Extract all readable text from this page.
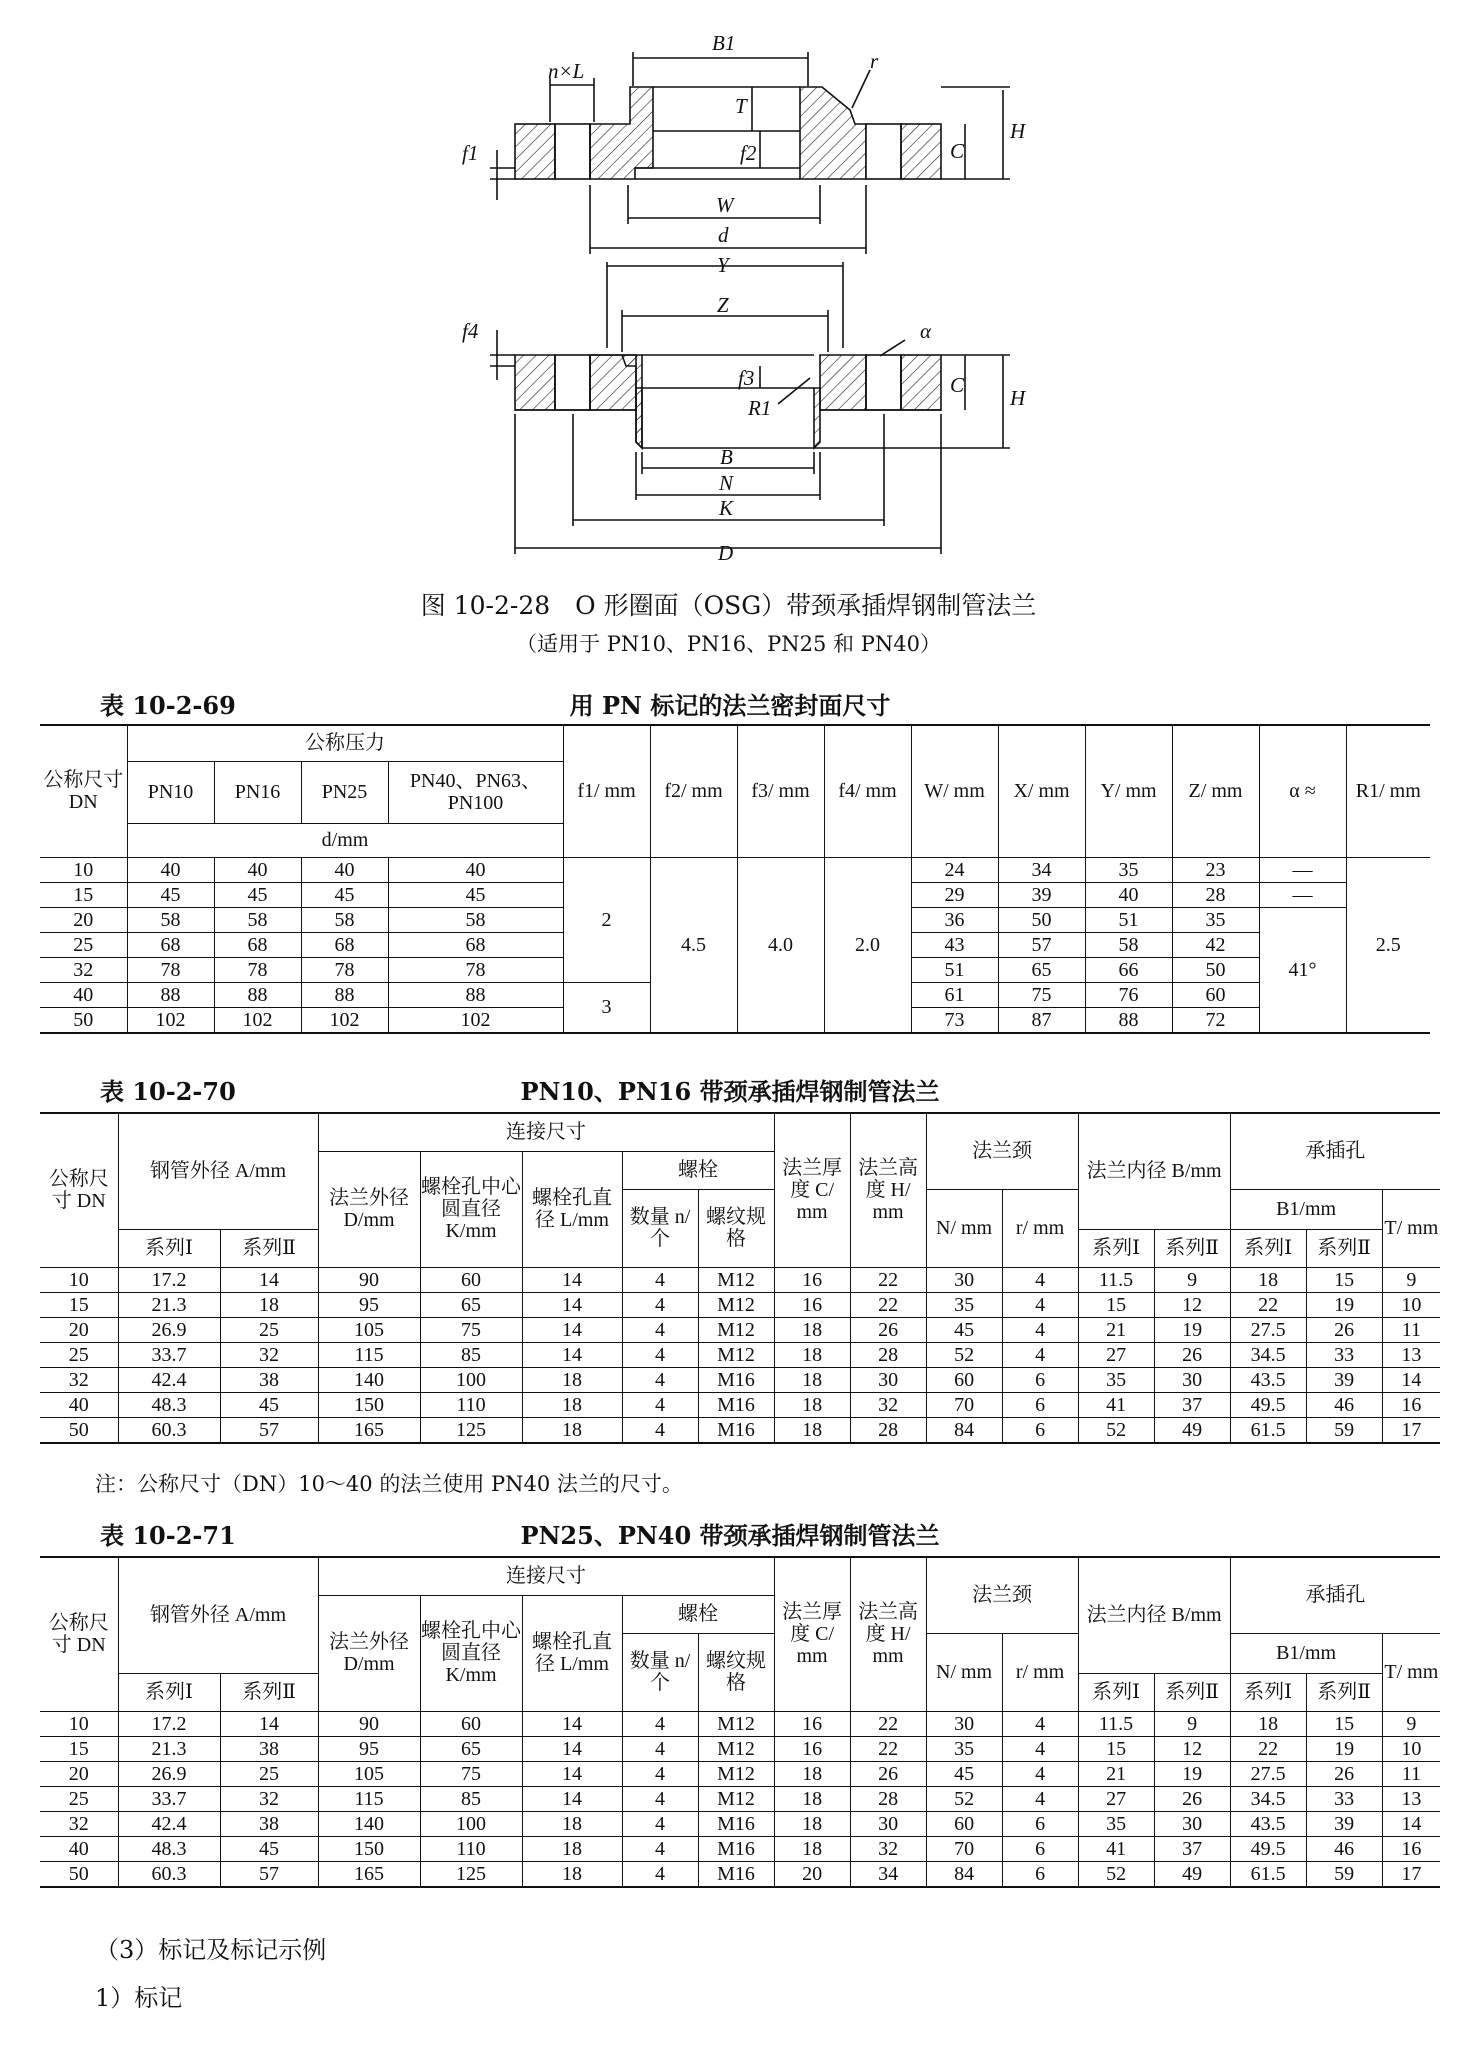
B1
n×L	r
T
H
C
f1	f2
W
d
Y
f4
Z
α
f3
R1
C
H
B
N
K
D
图 10-2-28　O 形圈面（OSG）带颈承插焊钢制管法兰
（适用于 PN10、PN16、PN25 和 PN40）
表 10-2-69	用 PN 标记的法兰密封面尺寸
公称尺寸 DN	公称压力				f1/ mm	f2/ mm	f3/ mm	f4/ mm	W/ mm	X/ mm	Y/ mm	Z/ mm	α ≈	R1/ mm
	PN10	PN16	PN25	PN40、PN63、PN100										
	d/mm													
10	40	40	40	40	2	4.5	4.0	2.0	24	34	35	23	—	2.5
15	45	45	45	45					29	39	40	28	—	
20	58	58	58	58					36	50	51	35	41°	
25	68	68	68	68					43	57	58	42		
32	78	78	78	78					51	65	66	50		
40	88	88	88	88	3				61	75	76	60		
50	102	102	102	102					73	87	88	72		
表 10-2-70	PN10、PN16 带颈承插焊钢制管法兰
公称尺寸 DN	钢管外径 A/mm		连接尺寸					法兰厚度 C/ mm	法兰高度 H/ mm	法兰颈		法兰内径 B/mm		承插孔		
			法兰外径 D/mm	螺栓孔中心圆直径 K/mm	螺栓孔直径 L/mm	螺栓										
						数量 n/个	螺纹规格			N/ mm	r/ mm			B1/mm		T/ mm
	系列Ⅰ	系列Ⅱ										系列Ⅰ	系列Ⅱ	系列Ⅰ	系列Ⅱ	
10	17.2	14	90	60	14	4	M12	16	22	30	4	11.5	9	18	15	9
15	21.3	18	95	65	14	4	M12	16	22	35	4	15	12	22	19	10
20	26.9	25	105	75	14	4	M12	18	26	45	4	21	19	27.5	26	11
25	33.7	32	115	85	14	4	M12	18	28	52	4	27	26	34.5	33	13
32	42.4	38	140	100	18	4	M16	18	30	60	6	35	30	43.5	39	14
40	48.3	45	150	110	18	4	M16	18	32	70	6	41	37	49.5	46	16
50	60.3	57	165	125	18	4	M16	18	28	84	6	52	49	61.5	59	17
注：公称尺寸（DN）10～40 的法兰使用 PN40 法兰的尺寸。
表 10-2-71	PN25、PN40 带颈承插焊钢制管法兰
公称尺寸 DN	钢管外径 A/mm		连接尺寸					法兰厚度 C/ mm	法兰高度 H/ mm	法兰颈		法兰内径 B/mm		承插孔		
			法兰外径 D/mm	螺栓孔中心圆直径 K/mm	螺栓孔直径 L/mm	螺栓										
						数量 n/个	螺纹规格			N/ mm	r/ mm			B1/mm		T/ mm
	系列Ⅰ	系列Ⅱ										系列Ⅰ	系列Ⅱ	系列Ⅰ	系列Ⅱ	
10	17.2	14	90	60	14	4	M12	16	22	30	4	11.5	9	18	15	9
15	21.3	38	95	65	14	4	M12	16	22	35	4	15	12	22	19	10
20	26.9	25	105	75	14	4	M12	18	26	45	4	21	19	27.5	26	11
25	33.7	32	115	85	14	4	M12	18	28	52	4	27	26	34.5	33	13
32	42.4	38	140	100	18	4	M16	18	30	60	6	35	30	43.5	39	14
40	48.3	45	150	110	18	4	M16	18	32	70	6	41	37	49.5	46	16
50	60.3	57	165	125	18	4	M16	20	34	84	6	52	49	61.5	59	17
（3）标记及标记示例
1）标记
